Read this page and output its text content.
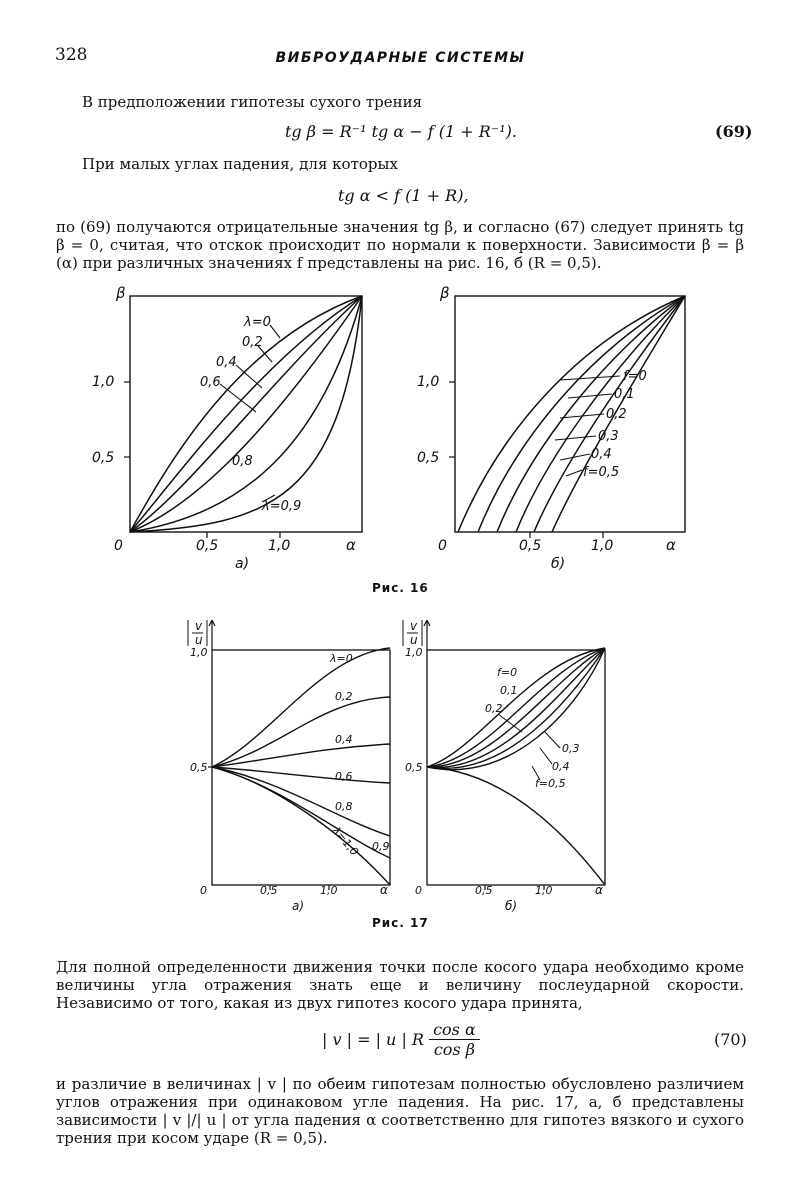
328	ВИБРОУДАРНЫЕ СИСТЕМЫ
В предположении гипотезы сухого трения
tg β = R⁻¹ tg α − f (1 + R⁻¹).	(69)
При малых углах падения, для которых
tg α < f (1 + R),
по (69) получаются отрицательные значения tg β, и согласно (67) следует принять tg β = 0, считая, что отскок происходит по нормали к поверхности. Зависимости β = β (α) при различных значениях f представлены на рис. 16, б (R = 0,5).
β
1,0
0,5
0	0,5	1,0	α
λ=0
0,2
0,4
0,6
0,8
λ=0,9
а)
β
1,0
0,5
0	0,5	1,0	α
f=0
0,1
0,2
0,3
0,4
f=0,5
б)
Рис. 16
v
u
1,0
0,5
0	0,5	1,0	α
λ=0
0,2
0,4
0,6
0,8
0,9
λ=1,0
а)
v
u
1,0
0,5
0	0,5	1,0	α
f=0
0,1
0,2
0,3
0,4
f=0,5
б)
Рис. 17
Для полной определенности движения точки после косого удара необходимо кроме величины угла отражения знать еще и величину послеударной скорости. Независимо от того, какая из двух гипотез косого удара принята,
| v | = | u | R $\frac{\text{cos α}}{\text{cos β}}$	(70)
и различие в величинах | v | по обеим гипотезам полностью обусловлено различием углов отражения при одинаковом угле падения. На рис. 17, а, б представлены зависимости | v |/| u | от угла падения α соответственно для гипотез вязкого и сухого трения при косом ударе (R = 0,5).
